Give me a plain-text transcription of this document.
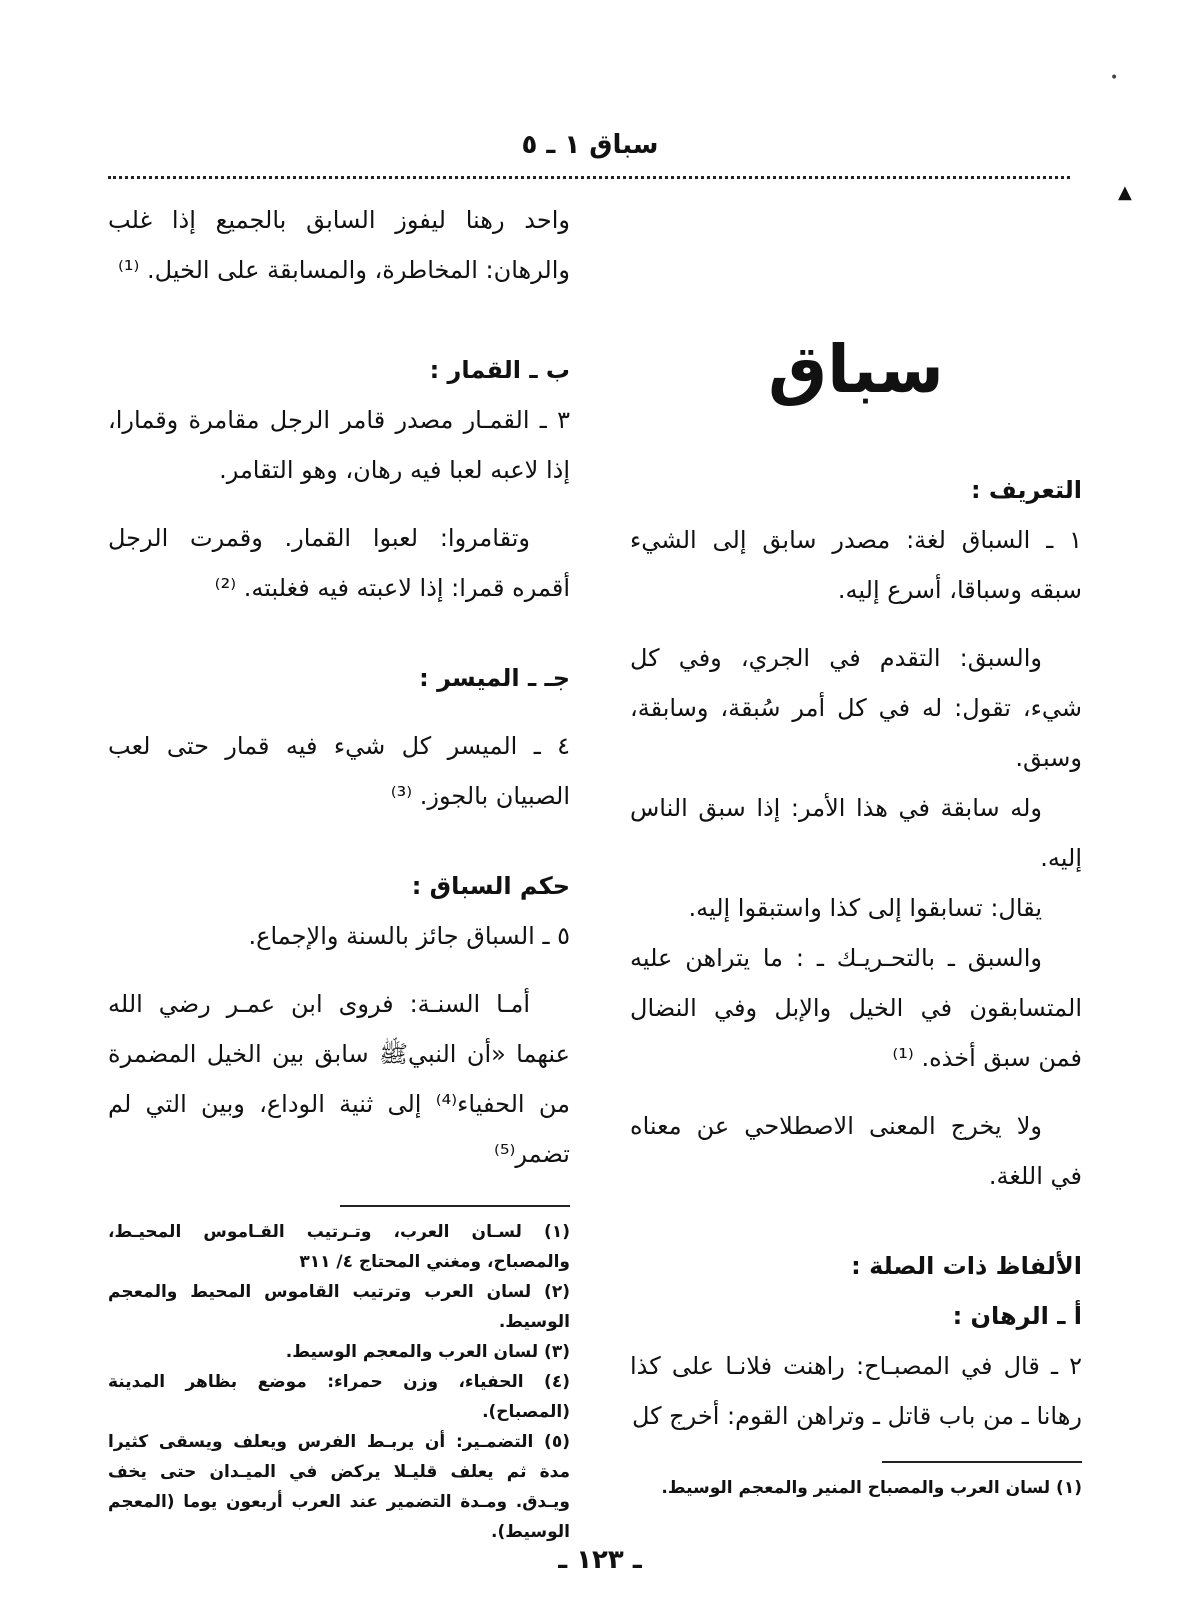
سباق ١ ـ ٥
سباق
التعريف :

١ ـ السباق لغة: مصدر سابق إلى الشيء سبقه وسباقا، أسرع إليه.

والسبق: التقدم في الجري، وفي كل شيء، تقول: له في كل أمر سُبقة، وسابقة، وسبق.

وله سابقة في هذا الأمر: إذا سبق الناس إليه.

يقال: تسابقوا إلى كذا واستبقوا إليه.

والسبق ـ بالتحـريـك ـ : ما يتراهن عليه المتسابقون في الخيل والإبل وفي النضال فمن سبق أخذه. ⁽¹⁾

ولا يخرج المعنى الاصطلاحي عن معناه في اللغة.

الألفاظ ذات الصلة :
أ ـ الرهان :

٢ ـ قال في المصبـاح: راهنت فلانـا على كذا رهانا ـ من باب قاتل ـ وتراهن القوم: أخرج كل

(١) لسان العرب والمصباح المنير والمعجم الوسيط.

واحد رهنا ليفوز السابق بالجميع إذا غلب والرهان: المخاطرة، والمسابقة على الخيل. ⁽¹⁾

ب ـ القمار :

٣ ـ القمـار مصدر قامر الرجل مقامرة وقمارا، إذا لاعبه لعبا فيه رهان، وهو التقامر.

وتقامروا: لعبوا القمار. وقمرت الرجل أقمره قمرا: إذا لاعبته فيه فغلبته. ⁽²⁾

جـ ـ الميسر :

٤ ـ الميسر كل شيء فيه قمار حتى لعب الصبيان بالجوز. ⁽³⁾

حكم السباق :

٥ ـ السباق جائز بالسنة والإجماع.

أمـا السنـة: فروى ابن عمـر رضي الله عنهما «أن النبيﷺ سابق بين الخيل المضمرة من الحفياء⁽⁴⁾ إلى ثنية الوداع، وبين التي لم تضمر⁽⁵⁾

(١) لسـان العرب، وتـرتيب القـاموس المحيـط، والمصباح، ومغني المحتاج ٤/ ٣١١
(٢) لسان العرب وترتيب القاموس المحيط والمعجم الوسيط.
(٣) لسان العرب والمعجم الوسيط.
(٤) الحفياء، وزن حمراء: موضع بظاهر المدينة (المصباح).
(٥) التضمـير: أن يربـط الفرس ويعلف ويسقى كثيرا مدة ثم يعلف قليـلا يركض في الميـدان حتى يخف ويـدق. ومـدة التضمير عند العرب أربعون يوما (المعجم الوسيط).
ـ ١٢٣ ـ
•
▲
